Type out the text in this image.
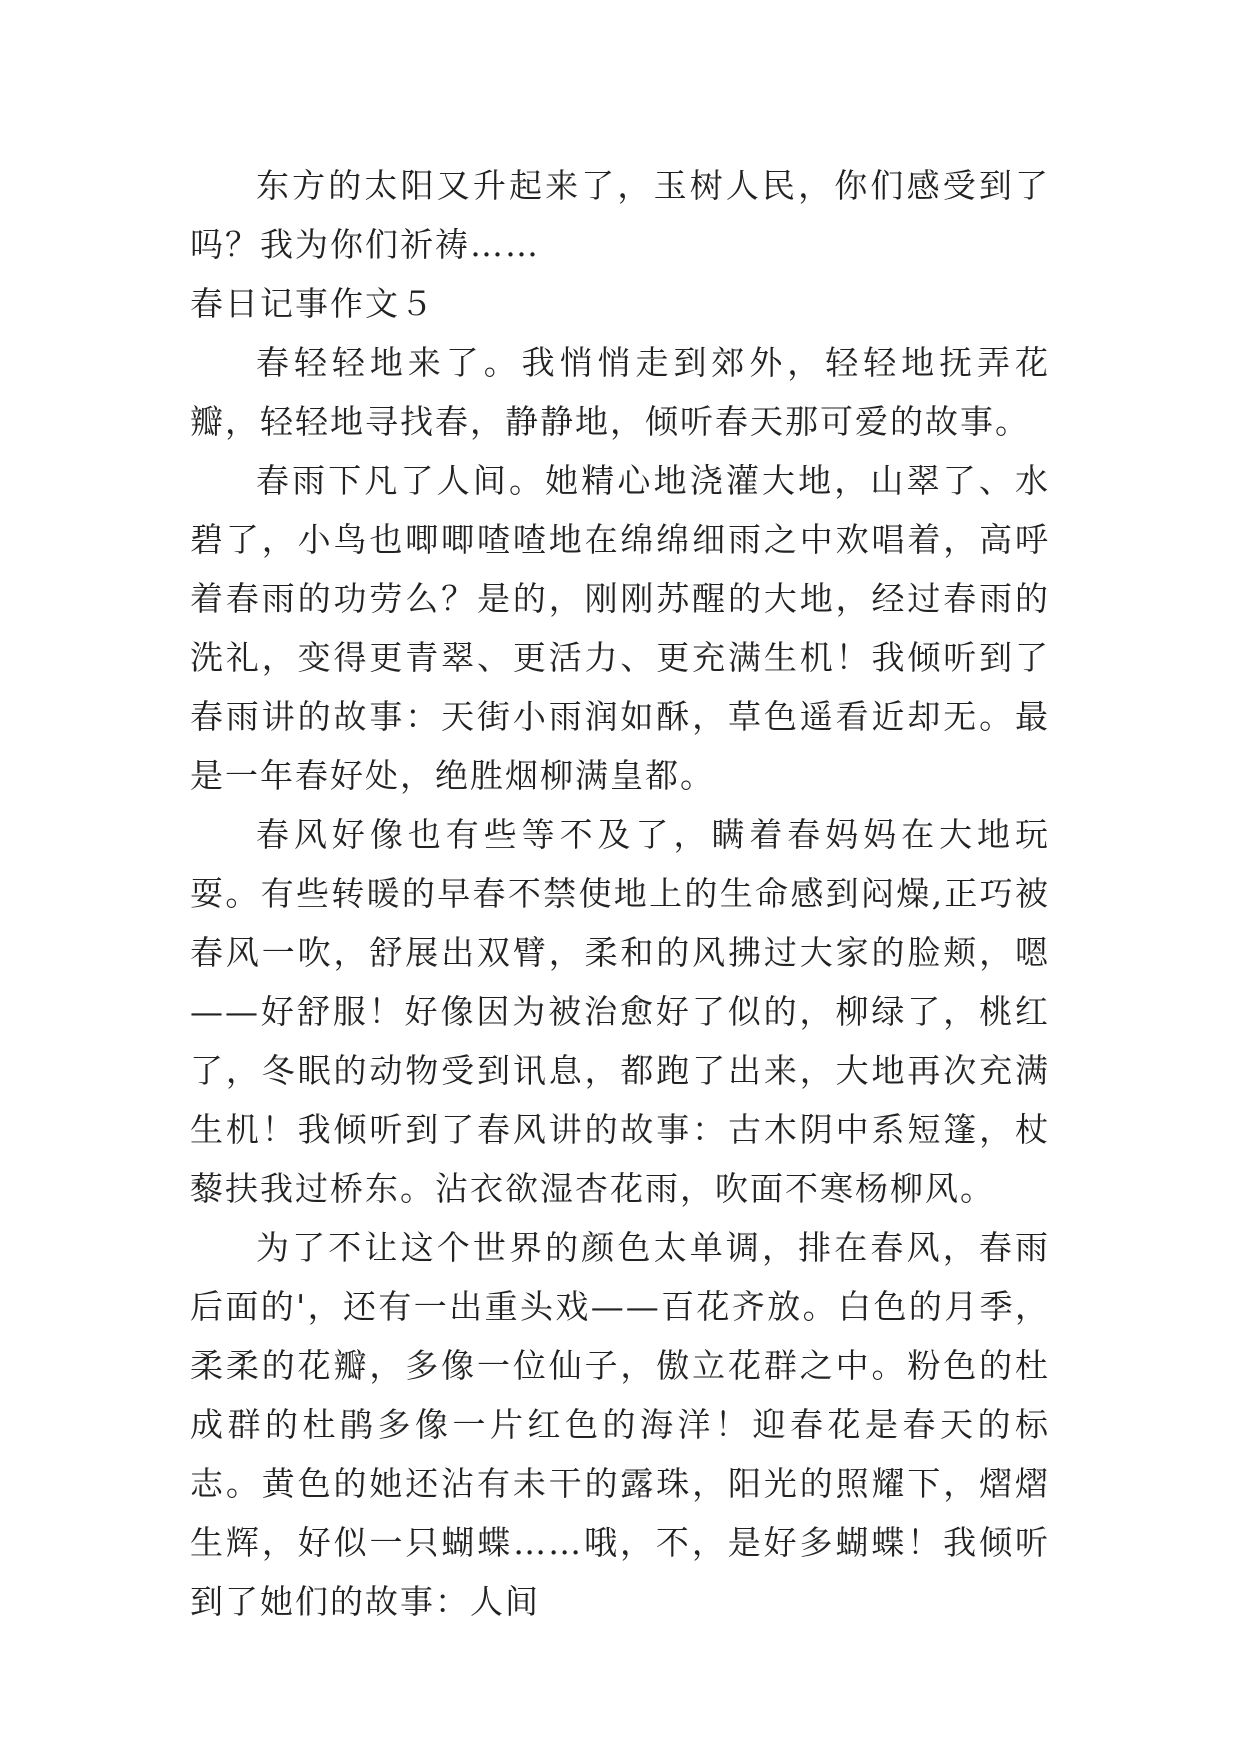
东方的太阳又升起来了，玉树人民，你们感受到了吗？我为你们祈祷……

春日记事作文５

春轻轻地来了。我悄悄走到郊外，轻轻地抚弄花瓣，轻轻地寻找春，静静地，倾听春天那可爱的故事。

春雨下凡了人间。她精心地浇灌大地，山翠了、水碧了，小鸟也唧唧喳喳地在绵绵细雨之中欢唱着，高呼着春雨的功劳么？是的，刚刚苏醒的大地，经过春雨的洗礼，变得更青翠、更活力、更充满生机！我倾听到了春雨讲的故事：天街小雨润如酥，草色遥看近却无。最是一年春好处，绝胜烟柳满皇都。

春风好像也有些等不及了，瞒着春妈妈在大地玩耍。有些转暖的早春不禁使地上的生命感到闷燥,正巧被春风一吹，舒展出双臂，柔和的风拂过大家的脸颊，嗯——好舒服！好像因为被治愈好了似的，柳绿了，桃红了，冬眠的动物受到讯息，都跑了出来，大地再次充满生机！我倾听到了春风讲的故事：古木阴中系短篷，杖藜扶我过桥东。沾衣欲湿杏花雨，吹面不寒杨柳风。

为了不让这个世界的颜色太单调，排在春风，春雨后面的'，还有一出重头戏——百花齐放。白色的月季，柔柔的花瓣，多像一位仙子，傲立花群之中。粉色的杜成群的杜鹃多像一片红色的海洋！迎春花是春天的标志。黄色的她还沾有未干的露珠，阳光的照耀下，熠熠生辉，好似一只蝴蝶……哦，不，是好多蝴蝶！我倾听到了她们的故事：人间
